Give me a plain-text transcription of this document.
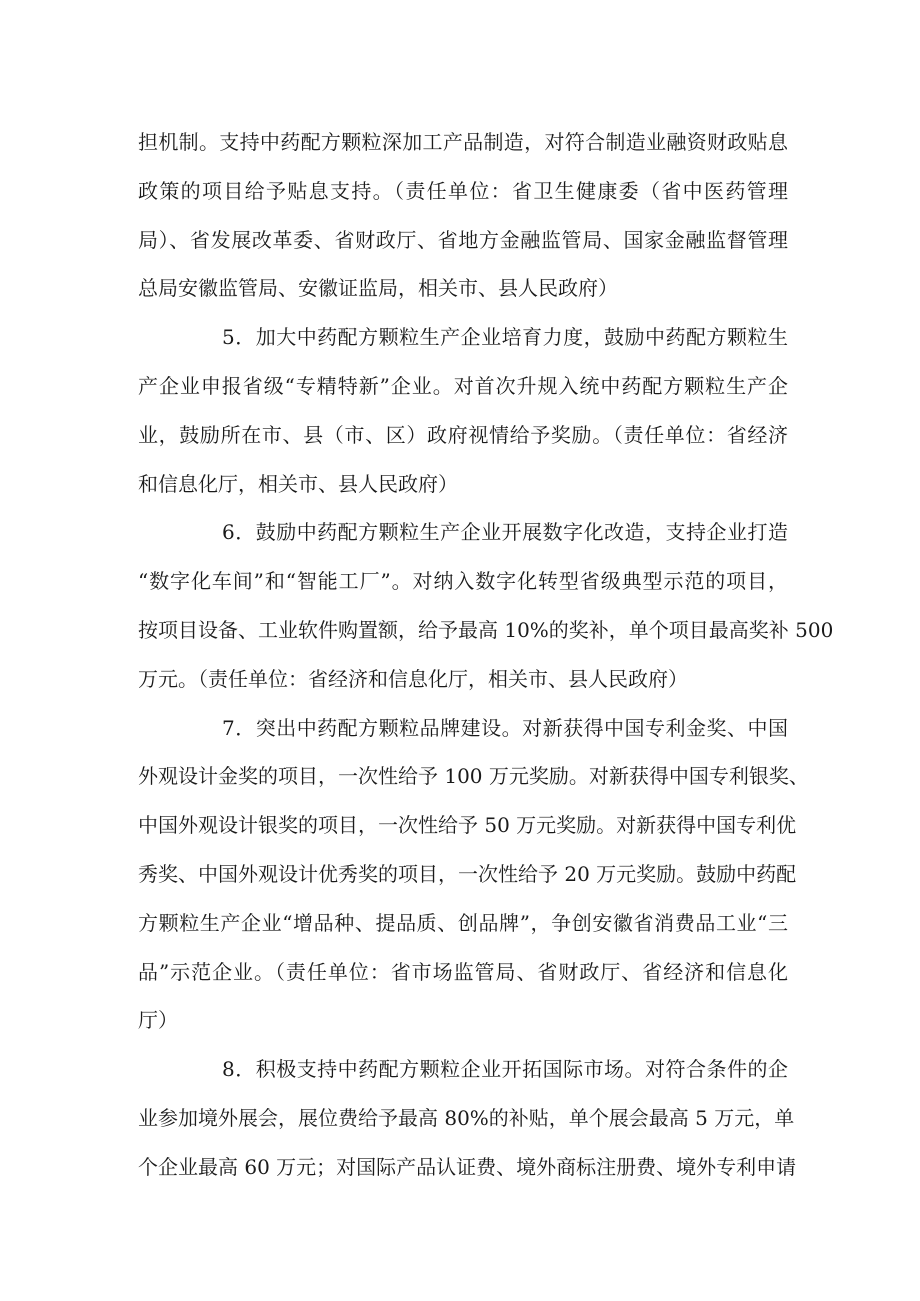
担机制。支持中药配方颗粒深加工产品制造，对符合制造业融资财政贴息
政策的项目给予贴息支持。（责任单位：省卫生健康委（省中医药管理
局）、省发展改革委、省财政厅、省地方金融监管局、国家金融监督管理
总局安徽监管局、安徽证监局，相关市、县人民政府）
5．加大中药配方颗粒生产企业培育力度，鼓励中药配方颗粒生
产企业申报省级“专精特新”企业。对首次升规入统中药配方颗粒生产企
业，鼓励所在市、县（市、区）政府视情给予奖励。（责任单位：省经济
和信息化厅，相关市、县人民政府）
6．鼓励中药配方颗粒生产企业开展数字化改造，支持企业打造
“数字化车间”和“智能工厂”。对纳入数字化转型省级典型示范的项目，
按项目设备、工业软件购置额，给予最高 10%的奖补，单个项目最高奖补 500
万元。（责任单位：省经济和信息化厅，相关市、县人民政府）
7．突出中药配方颗粒品牌建设。对新获得中国专利金奖、中国
外观设计金奖的项目，一次性给予 100 万元奖励。对新获得中国专利银奖、
中国外观设计银奖的项目，一次性给予 50 万元奖励。对新获得中国专利优
秀奖、中国外观设计优秀奖的项目，一次性给予 20 万元奖励。鼓励中药配
方颗粒生产企业“增品种、提品质、创品牌”，争创安徽省消费品工业“三
品”示范企业。（责任单位：省市场监管局、省财政厅、省经济和信息化
厅）
8．积极支持中药配方颗粒企业开拓国际市场。对符合条件的企
业参加境外展会，展位费给予最高 80%的补贴，单个展会最高 5 万元，单
个企业最高 60 万元；对国际产品认证费、境外商标注册费、境外专利申请
